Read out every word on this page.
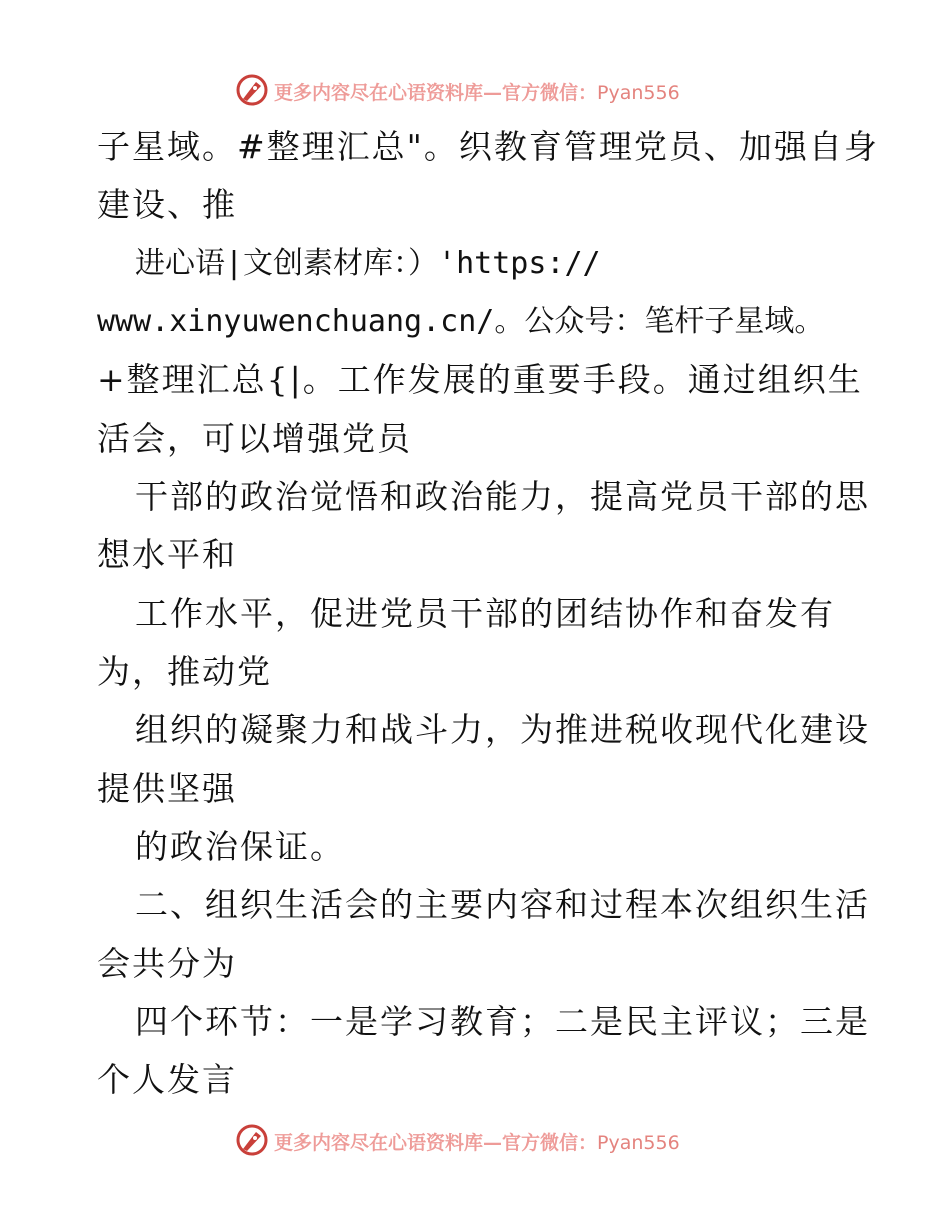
更多内容尽在心语资料库—官方微信：Pyan556
子星域。#整理汇总"。织教育管理党员、加强自身
建设、推
进心语|文创素材库：）'https://
www.xinyuwenchuang.cn/。公众号：笔杆子星域。
+整理汇总{|。工作发展的重要手段。通过组织生
活会，可以增强党员
干部的政治觉悟和政治能力，提高党员干部的思
想水平和
工作水平，促进党员干部的团结协作和奋发有
为，推动党
组织的凝聚力和战斗力，为推进税收现代化建设
提供坚强
的政治保证。
二、组织生活会的主要内容和过程本次组织生活
会共分为
四个环节：一是学习教育；二是民主评议；三是
个人发言
更多内容尽在心语资料库—官方微信：Pyan556
